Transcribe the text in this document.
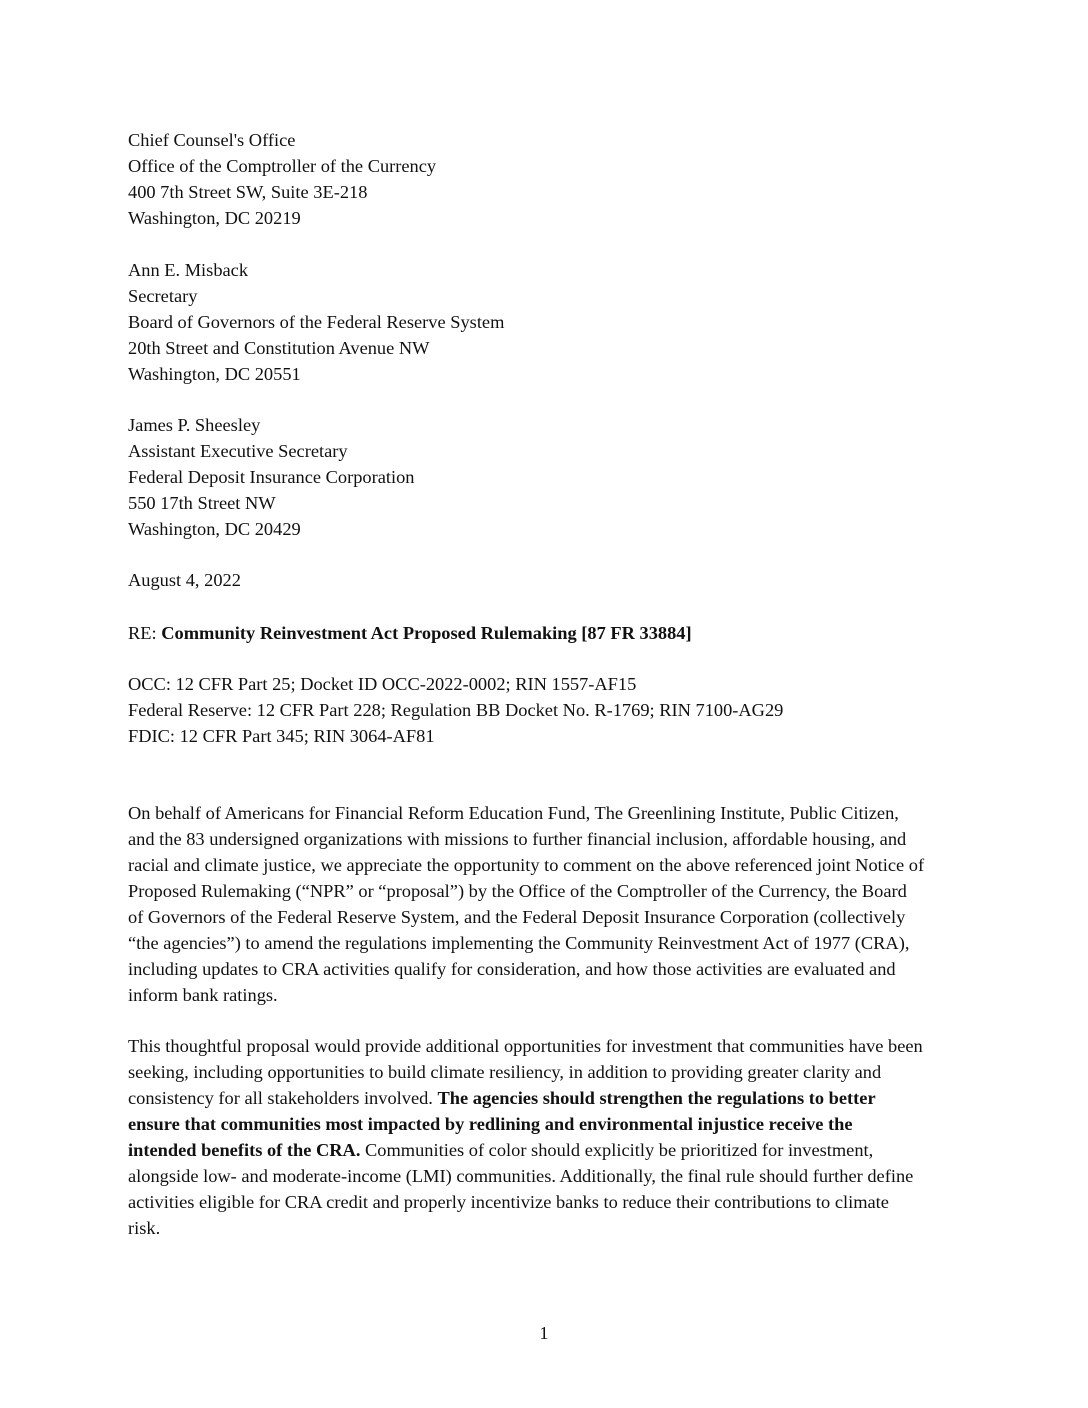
Chief Counsel's Office
Office of the Comptroller of the Currency
400 7th Street SW, Suite 3E-218
Washington, DC 20219
Ann E. Misback
Secretary
Board of Governors of the Federal Reserve System
20th Street and Constitution Avenue NW
Washington, DC 20551
James P. Sheesley
Assistant Executive Secretary
Federal Deposit Insurance Corporation
550 17th Street NW
Washington, DC 20429
August 4, 2022
RE: Community Reinvestment Act Proposed Rulemaking [87 FR 33884]
OCC: 12 CFR Part 25; Docket ID OCC-2022-0002; RIN 1557-AF15
Federal Reserve: 12 CFR Part 228; Regulation BB Docket No. R-1769; RIN 7100-AG29
FDIC: 12 CFR Part 345; RIN 3064-AF81

On behalf of Americans for Financial Reform Education Fund, The Greenlining Institute, Public Citizen,
and the 83 undersigned organizations with missions to further financial inclusion, affordable housing, and
racial and climate justice, we appreciate the opportunity to comment on the above referenced joint Notice of
Proposed Rulemaking (“NPR” or “proposal”) by the Office of the Comptroller of the Currency, the Board
of Governors of the Federal Reserve System, and the Federal Deposit Insurance Corporation (collectively
“the agencies”) to amend the regulations implementing the Community Reinvestment Act of 1977 (CRA),
including updates to CRA activities qualify for consideration, and how those activities are evaluated and
inform bank ratings.

This thoughtful proposal would provide additional opportunities for investment that communities have been
seeking, including opportunities to build climate resiliency, in addition to providing greater clarity and
consistency for all stakeholders involved. The agencies should strengthen the regulations to better
ensure that communities most impacted by redlining and environmental injustice receive the
intended benefits of the CRA. Communities of color should explicitly be prioritized for investment,
alongside low- and moderate-income (LMI) communities. Additionally, the final rule should further define
activities eligible for CRA credit and properly incentivize banks to reduce their contributions to climate
risk.

1
